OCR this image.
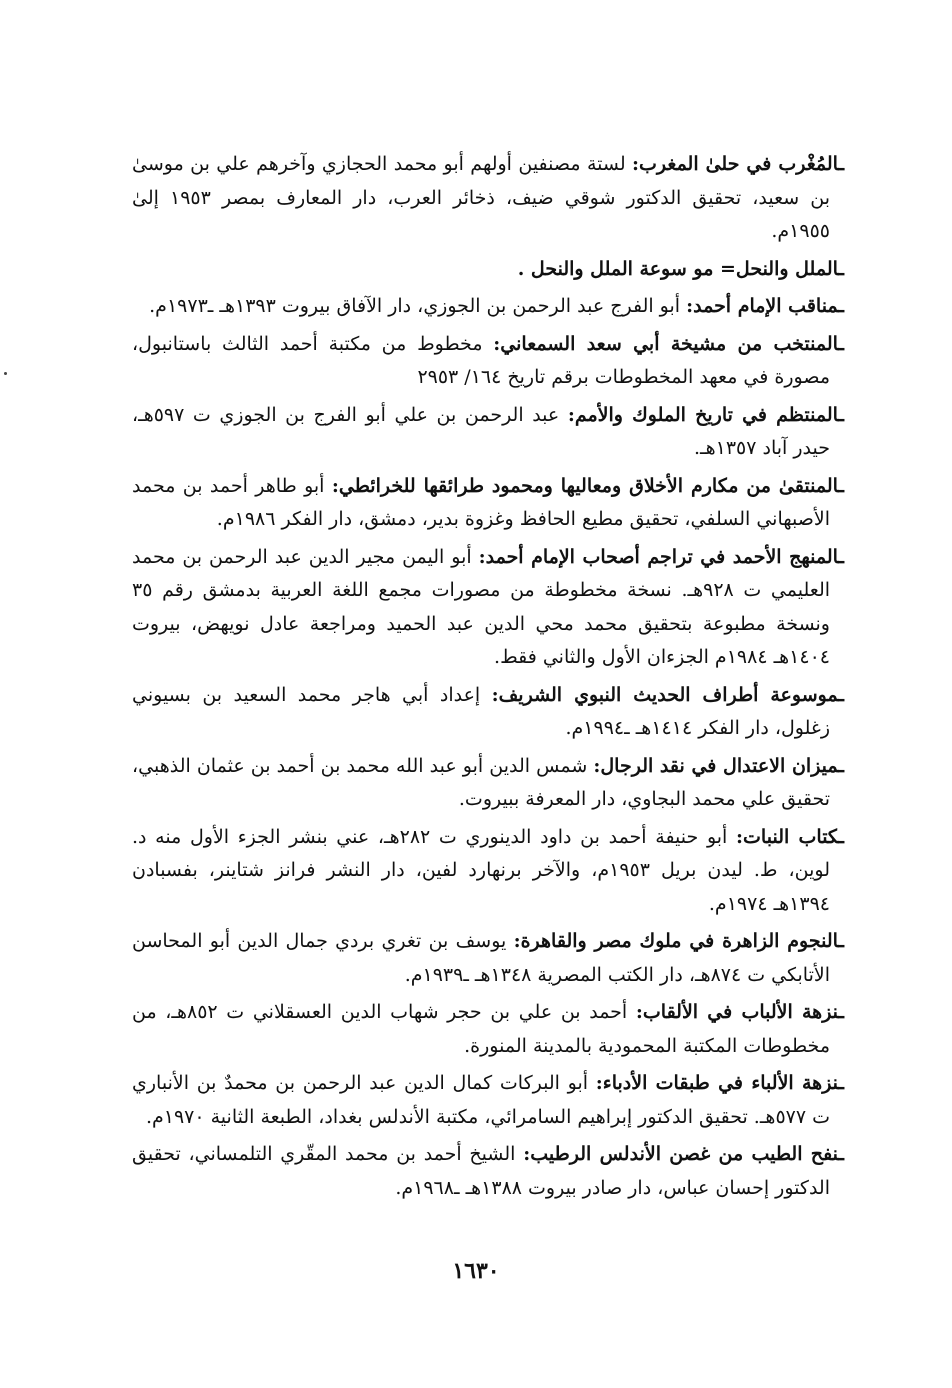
ـالمُغْرب في حلىٰ المغرب: لستة مصنفين أولهم أبو محمد الحجازي وآخرهم علي بن موسىٰ بن سعيد، تحقيق الدكتور شوقي ضيف، ذخائر العرب، دار المعارف بمصر ١٩٥٣ إلىٰ ١٩٥٥م.
ـالملل والنحل= مو سوعة الملل والنحل .
ـمناقب الإمام أحمد: أبو الفرج عبد الرحمن بن الجوزي، دار الآفاق بيروت ١٣٩٣هـ ـ١٩٧٣م.
ـالمنتخب من مشيخة أبي سعد السمعاني: مخطوط من مكتبة أحمد الثالث باستانبول، مصورة في معهد المخطوطات برقم تاريخ ١٦٤/ ٢٩٥٣
ـالمنتظم في تاريخ الملوك والأمم: عبد الرحمن بن علي أبو الفرج بن الجوزي ت ٥٩٧هـ، حيدر آباد ١٣٥٧هـ.
ـالمنتقىٰ من مكارم الأخلاق ومعاليها ومحمود طرائقها للخرائطي: أبو طاهر أحمد بن محمد الأصبهاني السلفي، تحقيق مطيع الحافظ وغزوة بدير، دمشق، دار الفكر ١٩٨٦م.
ـالمنهج الأحمد في تراجم أصحاب الإمام أحمد: أبو اليمن مجير الدين عبد الرحمن بن محمد العليمي ت ٩٢٨هـ. نسخة مخطوطة من مصورات مجمع اللغة العربية بدمشق رقم ٣٥ ونسخة مطبوعة بتحقيق محمد محي الدين عبد الحميد ومراجعة عادل نويهض، بيروت ١٤٠٤هـ ١٩٨٤م الجزءان الأول والثاني فقط.
ـموسوعة أطراف الحديث النبوي الشريف: إعداد أبي هاجر محمد السعيد بن بسيوني زغلول، دار الفكر ١٤١٤هـ ـ١٩٩٤م.
ـميزان الاعتدال في نقد الرجال: شمس الدين أبو عبد الله محمد بن أحمد بن عثمان الذهبي، تحقيق علي محمد البجاوي، دار المعرفة ببيروت.
ـكتاب النبات: أبو حنيفة أحمد بن داود الدينوري ت ٢٨٢هـ، عني بنشر الجزء الأول منه د. لوين، ط. ليدن بريل ١٩٥٣م، والآخر برنهارد لفين، دار النشر فرانز شتاينر، بفسبادن ١٣٩٤هـ ١٩٧٤م.
ـالنجوم الزاهرة في ملوك مصر والقاهرة: يوسف بن تغري بردي جمال الدين أبو المحاسن الأتابكي ت ٨٧٤هـ، دار الكتب المصرية ١٣٤٨هـ ـ١٩٣٩م.
ـنزهة الألباب في الألقاب: أحمد بن علي بن حجر شهاب الدين العسقلاني ت ٨٥٢هـ، من مخطوطات المكتبة المحمودية بالمدينة المنورة.
ـنزهة الألباء في طبقات الأدباء: أبو البركات كمال الدين عبد الرحمن بن محمدٌ بن الأنباري ت ٥٧٧هـ. تحقيق الدكتور إبراهيم السامرائي، مكتبة الأندلس بغداد، الطبعة الثانية ١٩٧٠م.
ـنفح الطيب من غصن الأندلس الرطيب: الشيخ أحمد بن محمد المقّري التلمساني، تحقيق الدكتور إحسان عباس، دار صادر بيروت ١٣٨٨هـ ـ١٩٦٨م.
١٦٣٠
